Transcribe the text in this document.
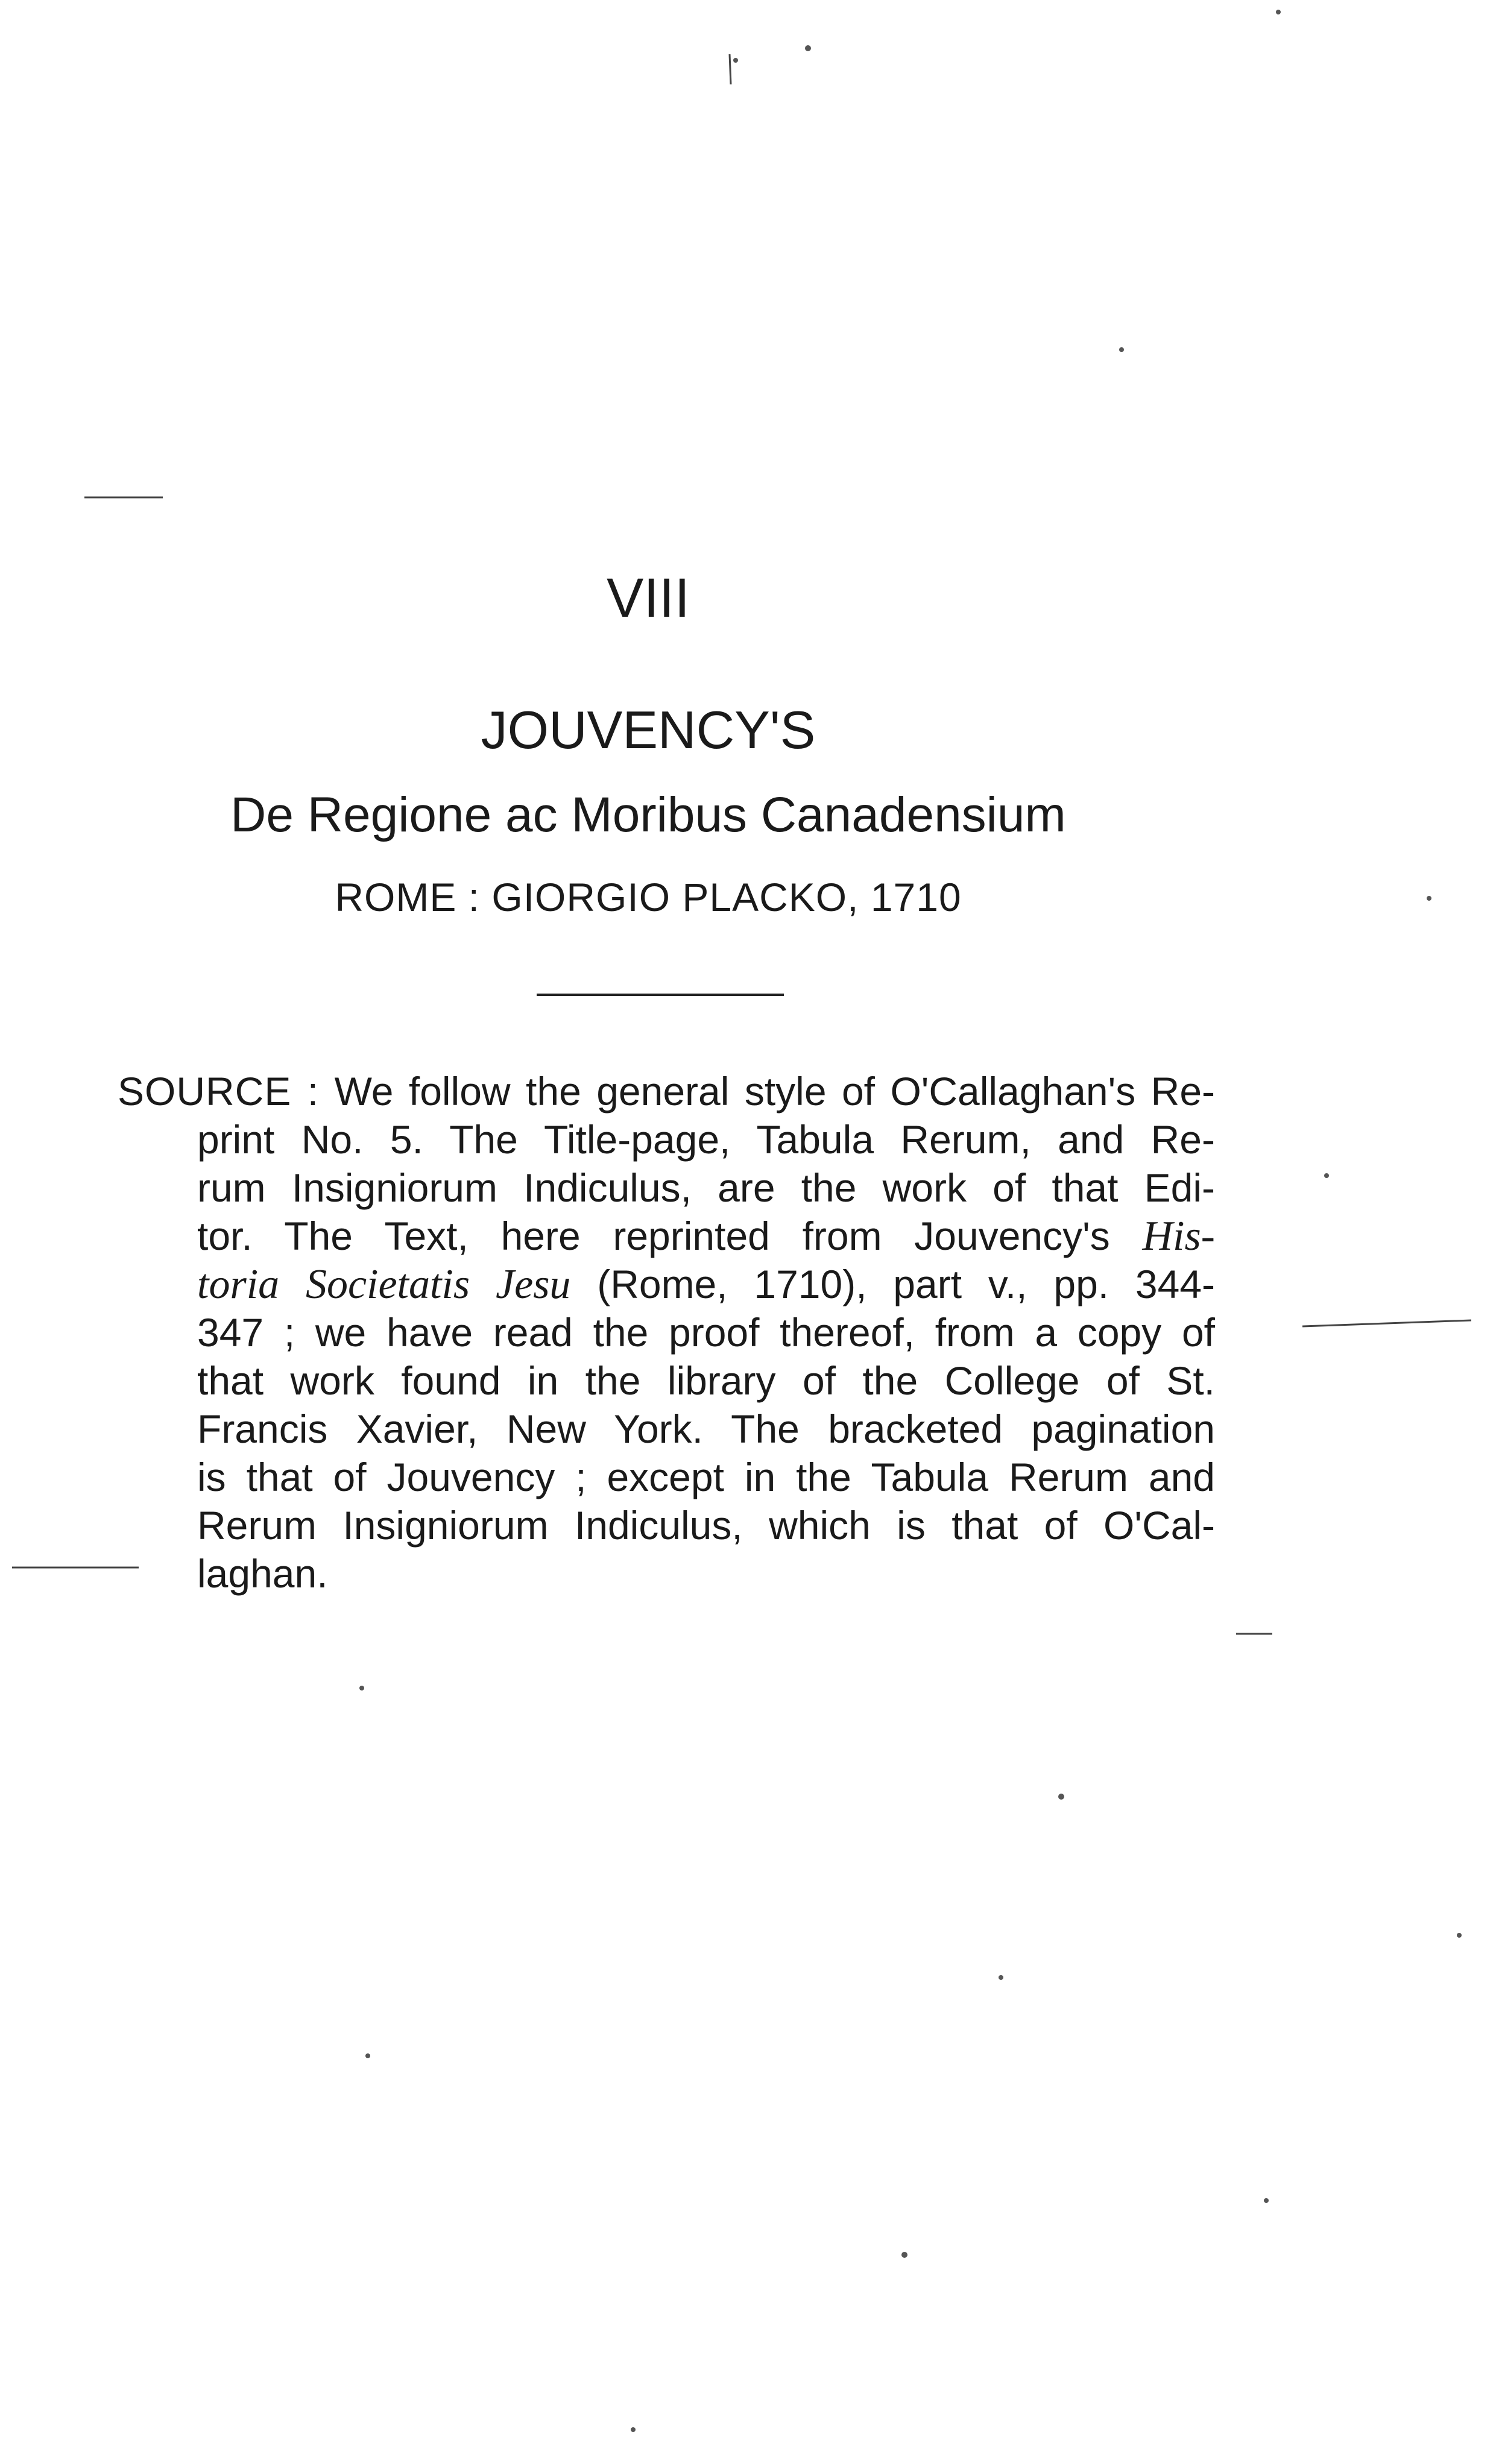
VIII
JOUVENCY'S
De Regione ac Moribus Canadensium
ROME : GIORGIO PLACKO, 1710
SOURCE : We follow the general style of O'Callaghan's Re-
print No. 5. The Title-page, Tabula Rerum, and Re-
rum Insigniorum Indiculus, are the work of that Edi-
tor. The Text, here reprinted from Jouvency's His-
toria Societatis Jesu (Rome, 1710), part v., pp. 344-
347 ; we have read the proof thereof, from a copy of
that work found in the library of the College of St.
Francis Xavier, New York. The bracketed pagination
is that of Jouvency ; except in the Tabula Rerum and
Rerum Insigniorum Indiculus, which is that of O'Cal-
laghan.
